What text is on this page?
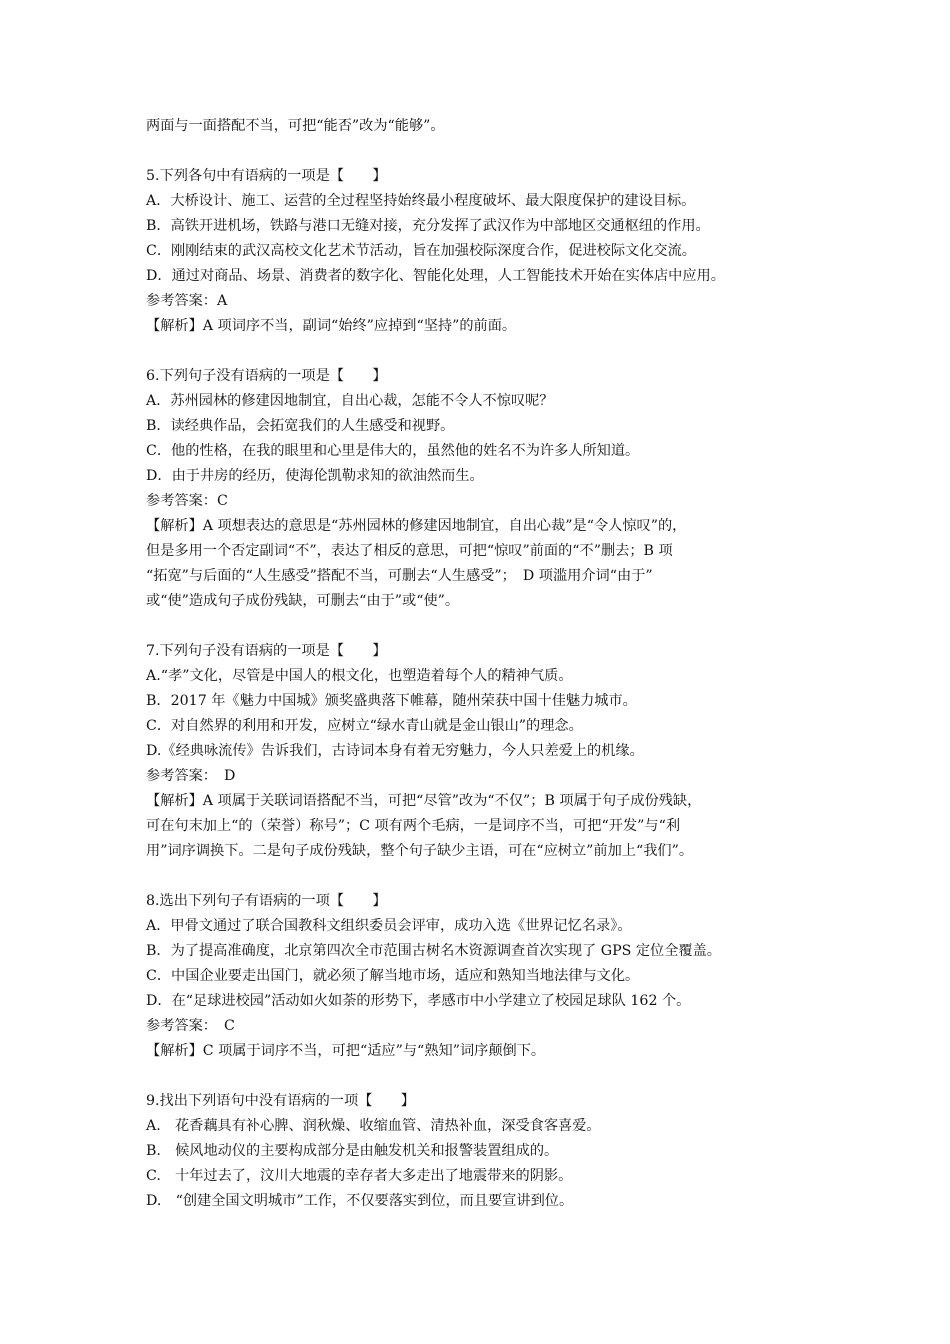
两面与一面搭配不当，可把“能否”改为“能够”。

5.下列各句中有语病的一项是【　　】

A．大桥设计、施工、运营的全过程坚持始终最小程度破坏、最大限度保护的建设目标。

B．高铁开进机场，铁路与港口无缝对接，充分发挥了武汉作为中部地区交通枢纽的作用。

C．刚刚结束的武汉高校文化艺术节活动，旨在加强校际深度合作，促进校际文化交流。

D．通过对商品、场景、消费者的数字化、智能化处理，人工智能技术开始在实体店中应用。

参考答案：A

【解析】A 项词序不当，副词“始终”应掉到“坚持”的前面。

6.下列句子没有语病的一项是【　　】

A．苏州园林的修建因地制宜，自出心裁，怎能不令人不惊叹呢？

B．读经典作品，会拓宽我们的人生感受和视野。

C．他的性格，在我的眼里和心里是伟大的，虽然他的姓名不为许多人所知道。

D．由于井房的经历，使海伦凯勒求知的欲油然而生。

参考答案：C

【解析】A 项想表达的意思是“苏州园林的修建因地制宜，自出心裁”是“令人惊叹”的，

但是多用一个否定副词“不”，表达了相反的意思，可把“惊叹”前面的“不”删去；B 项

“拓宽”与后面的“人生感受”搭配不当，可删去“人生感受”；　D 项滥用介词“由于”

或“使”造成句子成份残缺，可删去“由于”或“使”。

7.下列句子没有语病的一项是【　　】

A.“孝”文化，尽管是中国人的根文化，也塑造着每个人的精神气质。

B．2017 年《魅力中国城》颁奖盛典落下帷幕，随州荣获中国十佳魅力城市。

C．对自然界的利用和开发，应树立“绿水青山就是金山银山”的理念。

D.《经典咏流传》告诉我们，古诗词本身有着无穷魅力，今人只差爱上的机缘。

参考答案：　D

【解析】A 项属于关联词语搭配不当，可把“尽管”改为“不仅”；B 项属于句子成份残缺，

可在句末加上“的（荣誉）称号”；C 项有两个毛病，一是词序不当，可把“开发”与“利

用”词序调换下。二是句子成份残缺，整个句子缺少主语，可在“应树立”前加上“我们”。

8.选出下列句子有语病的一项【　　】

A．甲骨文通过了联合国教科文组织委员会评审，成功入选《世界记忆名录》。

B．为了提高准确度，北京第四次全市范围古树名木资源调查首次实现了 GPS 定位全覆盖。

C．中国企业要走出国门，就必须了解当地市场，适应和熟知当地法律与文化。

D．在“足球进校园”活动如火如荼的形势下，孝感市中小学建立了校园足球队 162 个。

参考答案：　C

【解析】C 项属于词序不当，可把“适应”与“熟知”词序颠倒下。

9.找出下列语句中没有语病的一项【　　】

A.　花香藕具有补心脾、润秋燥、收缩血管、清热补血，深受食客喜爱。

B.　候风地动仪的主要构成部分是由触发机关和报警装置组成的。

C.　十年过去了，汶川大地震的幸存者大多走出了地震带来的阴影。

D.　“创建全国文明城市”工作，不仅要落实到位，而且要宣讲到位。
